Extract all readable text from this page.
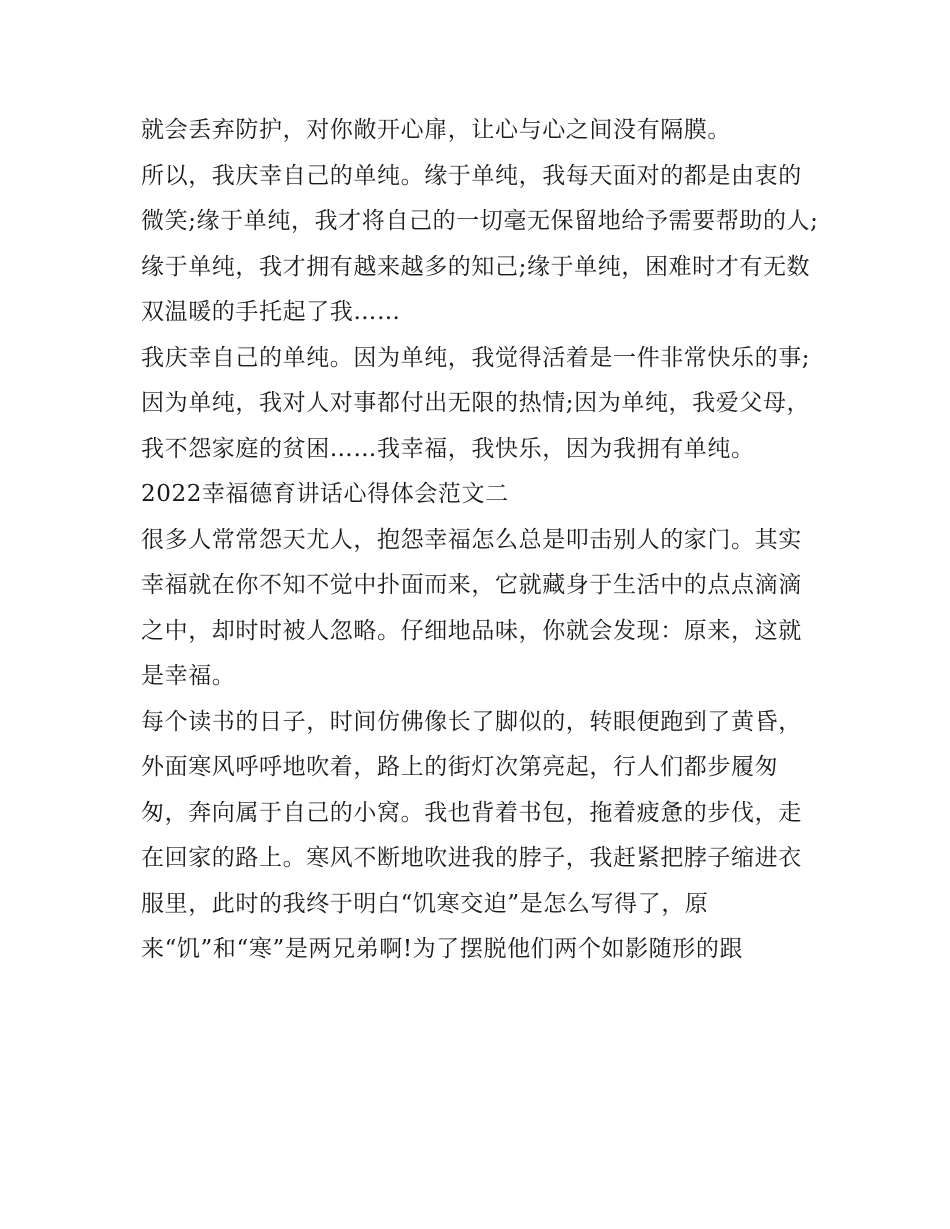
就会丢弃防护，对你敞开心扉，让心与心之间没有隔膜。

所以，我庆幸自己的单纯。缘于单纯，我每天面对的都是由衷的微笑;缘于单纯，我才将自己的一切毫无保留地给予需要帮助的人;缘于单纯，我才拥有越来越多的知己;缘于单纯，困难时才有无数双温暖的手托起了我……

我庆幸自己的单纯。因为单纯，我觉得活着是一件非常快乐的事;因为单纯，我对人对事都付出无限的热情;因为单纯，我爱父母，我不怨家庭的贫困……我幸福，我快乐，因为我拥有单纯。

2022幸福德育讲话心得体会范文二

很多人常常怨天尤人，抱怨幸福怎么总是叩击别人的家门。其实幸福就在你不知不觉中扑面而来，它就藏身于生活中的点点滴滴之中，却时时被人忽略。仔细地品味，你就会发现：原来，这就是幸福。

每个读书的日子，时间仿佛像长了脚似的，转眼便跑到了黄昏，外面寒风呼呼地吹着，路上的街灯次第亮起，行人们都步履匆匆，奔向属于自己的小窝。我也背着书包，拖着疲惫的步伐，走在回家的路上。寒风不断地吹进我的脖子，我赶紧把脖子缩进衣服里，此时的我终于明白“饥寒交迫”是怎么写得了，原来“饥”和“寒”是两兄弟啊!为了摆脱他们两个如影随形的跟
